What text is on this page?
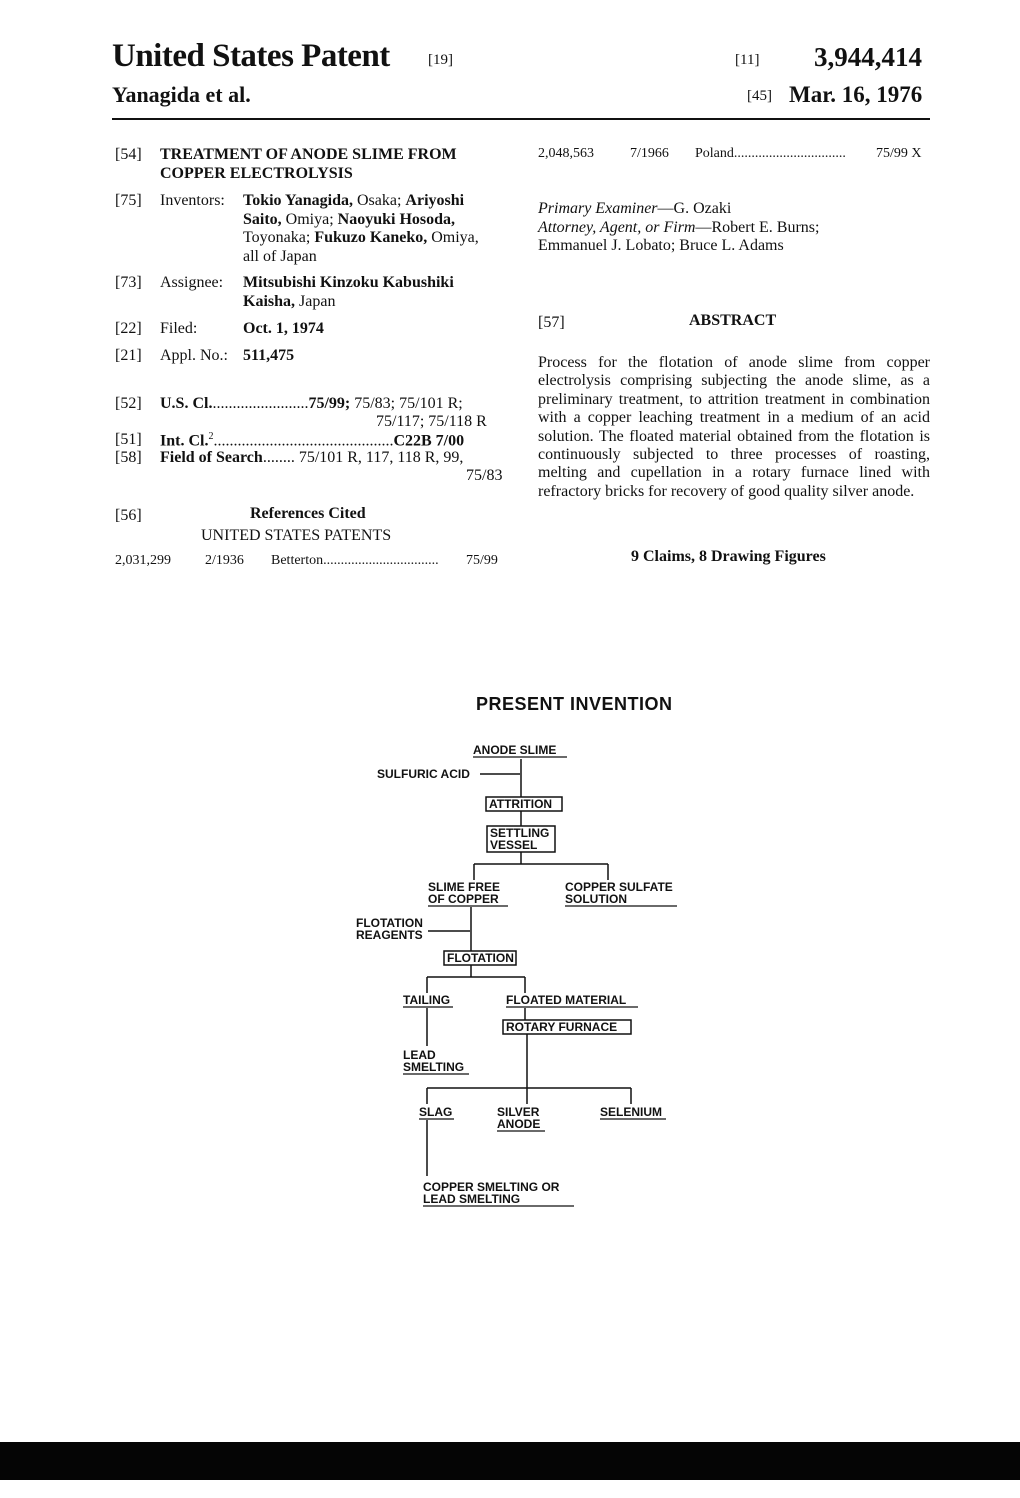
United States Patent	[19]
Yanagida et al.
[11] 3,944,414
[45] Mar. 16, 1976
[54] TREATMENT OF ANODE SLIME FROM
COPPER ELECTROLYSIS
[75] Inventors: Tokio Yanagida, Osaka; Ariyoshi
Saito, Omiya; Naoyuki Hosoda,
Toyonaka; Fukuzo Kaneko, Omiya,
all of Japan
[73] Assignee: Mitsubishi Kinzoku Kabushiki
Kaisha, Japan
[22] Filed:	Oct. 1, 1974
[21] Appl. No.: 511,475
[52] U.S. Cl.........................75/99; 75/83; 75/101 R;
75/117; 75/118 R
[51] Int. Cl.$^2$.............................................C22B 7/00
[58] Field of Search........ 75/101 R, 117, 118 R, 99,
75/83
[56]	References Cited
UNITED STATES PATENTS
2,031,299 2/1936 Betterton................................. 75/99
2,048,563	7/1966 Poland................................ 75/99 X
Primary Examiner—G. Ozaki
Attorney, Agent, or Firm—Robert E. Burns;
Emmanuel J. Lobato; Bruce L. Adams
[57]	ABSTRACT
Process for the flotation of anode slime from copper electrolysis comprising subjecting the anode slime, as a preliminary treatment, to attrition treatment in combination with a copper leaching treatment in a medium of an acid solution. The floated material obtained from the flotation is continuously subjected to three processes of roasting, melting and cupellation in a rotary furnace lined with refractory bricks for recovery of good quality silver anode.
9 Claims, 8 Drawing Figures
PRESENT INVENTION
ANODE SLIME
SULFURIC ACID
ATTRITION
SETTLING
VESSEL
SLIME FREE
OF COPPER
COPPER SULFATE
SOLUTION
FLOTATION
REAGENTS
FLOTATION
TAILING	FLOATED MATERIAL
LEAD
SMELTING
ROTARY FURNACE
SLAG	SILVER
ANODE
SELENIUM
COPPER SMELTING OR
LEAD SMELTING
